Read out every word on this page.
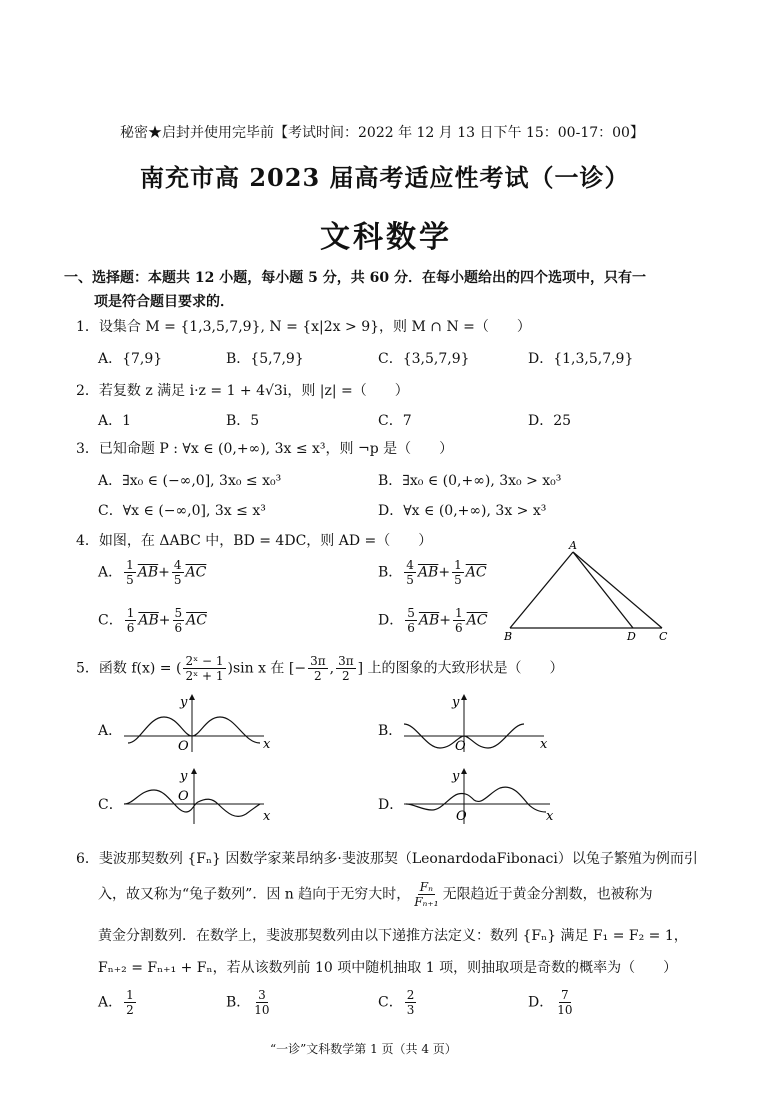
秘密★启封并使用完毕前【考试时间：2022 年 12 月 13 日下午 15：00-17：00】
南充市高 2023 届高考适应性考试（一诊）
文科数学
一、选择题：本题共 12 小题，每小题 5 分，共 60 分．在每小题给出的四个选项中，只有一
项是符合题目要求的．
1．设集合 M = {1,3,5,7,9}, N = {x|2x > 9}，则 M ∩ N =（　　）
A．{7,9}	B．{5,7,9}	C．{3,5,7,9}	D．{1,3,5,7,9}
2．若复数 z 满足 i·z = 1 + 4√3i，则 |z| =（　　）
A．1	B．5	C．7	D．25
3．已知命题 P : ∀x ∈ (0,+∞), 3x ≤ x³，则 ¬p 是（　　）
A．∃x₀ ∈ (−∞,0], 3x₀ ≤ x₀³	B．∃x₀ ∈ (0,+∞), 3x₀ > x₀³
C．∀x ∈ (−∞,0], 3x ≤ x³	D．∀x ∈ (0,+∞), 3x > x³
4．如图，在 ΔABC 中，BD = 4DC，则 AD =（　　）
A． $\frac{1}{5} \overline{AB}+ \frac{4}{5} \overline{AC}$	B． $\frac{4}{5} \overline{AB}+ \frac{1}{5} \overline{AC}$
C． $\frac{1}{6} \overline{AB}+ \frac{5}{6} \overline{AC}$	D． $\frac{5}{6} \overline{AB}+ \frac{1}{6} \overline{AC}$
A
B	D C
5．函数 f(x) = ( $\frac{\text{2ˣ − 1}}{\text{2ˣ + 1}} )\sin$ x 在 [− $\frac{3\pi}{2}$ , $\frac{3\pi}{2}$ ] 上的图象的大致形状是（　　）
A．	B．
C．	D．
y
x
O
y
x
O
y
x
O
y
x
O
6．斐波那契数列 {Fₙ} 因数学家莱昂纳多·斐波那契（LeonardodaFibonaci）以兔子繁殖为例而引
入，故又称为“兔子数列”．因 n 趋向于无穷大时， $\frac{\text{Fₙ}}{\text{Fₙ₊₁}}$ 无限趋近于黄金分割数，也被称为
黄金分割数列．在数学上，斐波那契数列由以下递推方法定义：数列 {Fₙ} 满足 F₁ = F₂ = 1，
Fₙ₊₂ = Fₙ₊₁ + Fₙ，若从该数列前 10 项中随机抽取 1 项，则抽取项是奇数的概率为（　　）
A． $\frac{1}{2}$	B． $\frac{3}{10}$	C． $\frac{2}{3}$	D． $\frac{7}{10}$
“一诊”文科数学第 1 页（共 4 页）
